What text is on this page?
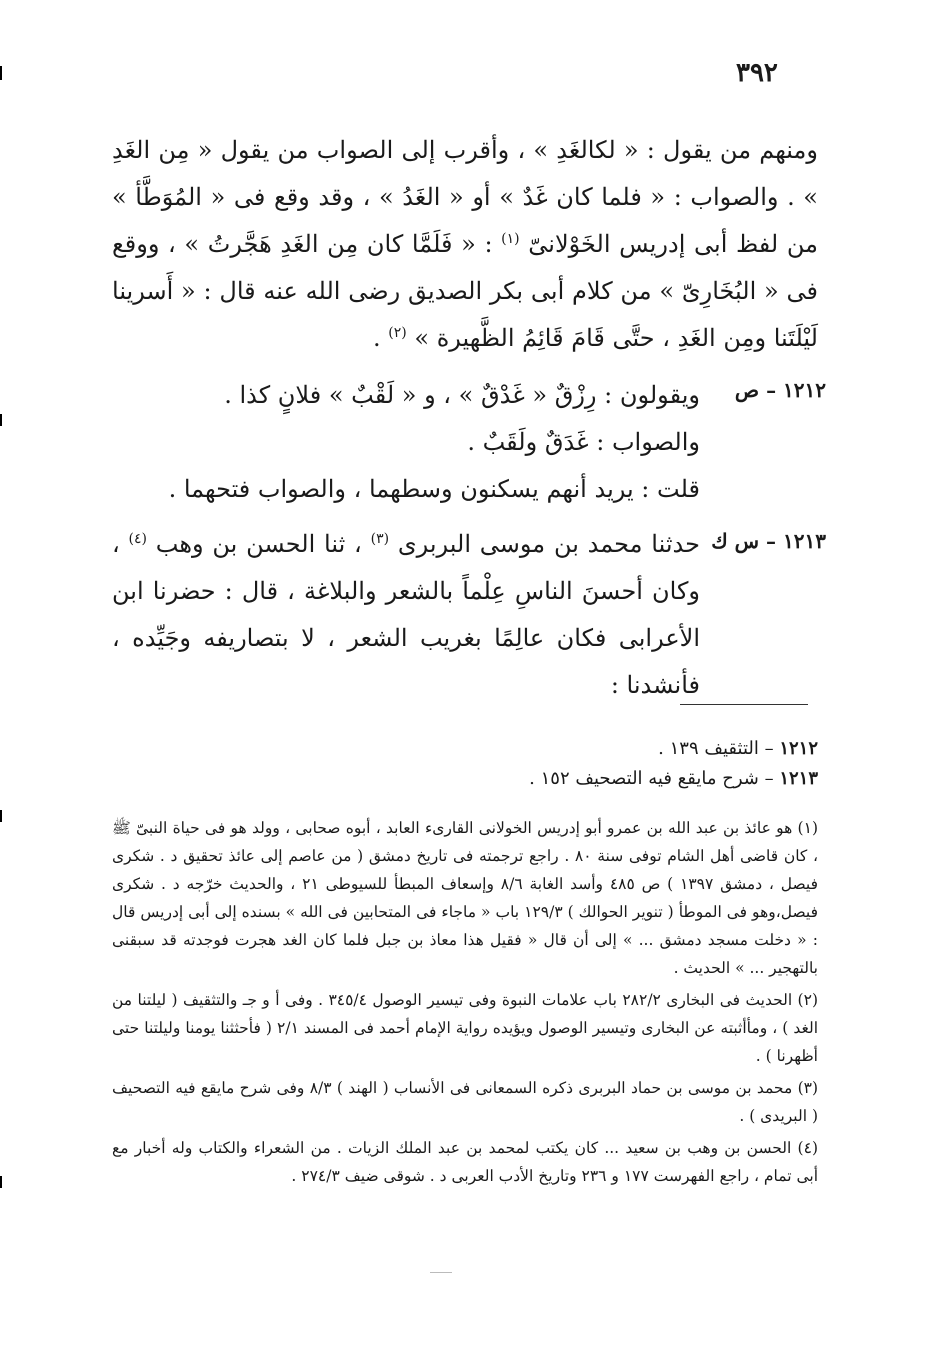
٣٩٢
ومنهم من يقول : « لكالغَدِ » ، وأقرب إلى الصواب من يقول « مِن الغَدِ » . والصواب : « فلما كان غَدٌ » أو « الغَدُ » ، وقد وقع فى « المُوَطَّأ » من لفظ أبى إدريس الخَوْلانىّ $^{(١)}$ : « فَلَمَّا كان مِن الغَدِ هَجَّرتُ » ، ووقع فى « البُخَارِىّ » من كلام أبى بكر الصديق رضى الله عنه قال : « أَسرينا لَيْلَتَنا ومِن الغَدِ ، حتَّى قَامَ قَائِمُ الظَّهيرة » $^{(٢)}$ .
١٢١٢ – ص

ويقولون : رِزْقٌ « غَدْقٌ » ، و « لَقْبٌ » فلانٍ كذا .

والصواب : غَدَقٌ ولَقَبٌ .

قلت : يريد أنهم يسكنون وسطهما ، والصواب فتحهما .

١٢١٣ – س ك
حدثنا محمد بن موسى البربرى $^{(٣)}$ ، ثنا الحسن بن وهب $^{(٤)}$ ، وكان أحسنَ الناسِ عِلْماً بالشعر والبلاغة ، قال : حضرنا ابن الأعرابى فكان عالِمًا بغريب الشعر ، لا بتصاريفه وجَيِّده ، فأنشدنا :

١٢١٢ – التثقيف ١٣٩ .

١٢١٣ – شرح مايقع فيه التصحيف ١٥٢ .

(١) هو عائذ بن عبد الله بن عمرو أبو إدريس الخولانى القارىء العابد ، أبوه صحابى ، وولد هو فى حياة النبىّ ﷺ ، كان قاضى أهل الشام توفى سنة ٨٠ . راجع ترجمته فى تاريخ دمشق ( من عاصم إلى عائذ تحقيق د . شكرى فيصل ، دمشق ١٣٩٧ ) ص ٤٨٥ وأسد الغابة ٨/٦ وإسعاف المبطأ للسيوطى ٢١ ، والحديث خرّجه د . شكرى فيصل،وهو فى الموطأ ( تنوير الحوالك ) ١٢٩/٣ باب « ماجاء فى المتحابين فى الله » بسنده إلى أبى إدريس قال : « دخلت مسجد دمشق ... » إلى أن قال « فقيل هذا معاذ بن جبل فلما كان الغد هجرت فوجدته قد سبقنى بالتهجير ... » الحديث .

(٢) الحديث فى البخارى ٢٨٢/٢ باب علامات النبوة وفى تيسير الوصول ٣٤٥/٤ . وفى أ و جـ والتثقيف ( ليلتنا من الغد ) ، ومأأثبته عن البخارى وتيسير الوصول ويؤيده رواية الإمام أحمد فى المسند ٢/١ ( فأحثثنا يومنا وليلتنا حتى أظهرنا ) .

(٣) محمد بن موسى بن حماد البربرى ذكره السمعانى فى الأنساب ( الهند ) ٨/٣ وفى شرح مايقع فيه التصحيف ( البريدى ) .

(٤) الحسن بن وهب بن سعيد ... كان يكتب لمحمد بن عبد الملك الزيات . من الشعراء والكتاب وله أخبار مع أبى تمام ، راجع الفهرست ١٧٧ و ٢٣٦ وتاريخ الأدب العربى د . شوقى ضيف ٢٧٤/٣ .
